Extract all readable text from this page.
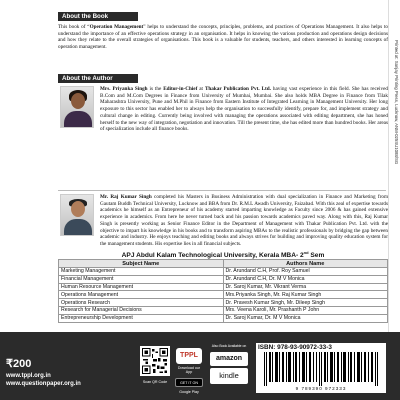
About the Book
This book of “Operation Management” helps to understand the concepts, principles, problems, and practices of Operations Management. It also helps to understand the importance of an effective operations strategy in an organisation. It helps in knowing the various production and operations design decisions and how they relate to the overall strategies of organisations. This book is a valuable for students, teachers, and others interested in learning concepts of operation management.
About the Author
Mrs. Priyanka Singh is the Editor-in-Chief at Thakar Publication Pvt. Ltd. having vast experience in this field. She has received B.Com and M.Com Degrees in Finance from University of Mumbai, Mumbai. She also holds MBA Degree in Finance from Tilak Maharashtra University, Pune and M.Phil in Finance from Eastern Institute of Integrated Learning in Management University. Her long exposure to this sector has enabled her to always help the organisation to successfully identify, prepare for, and implement strategy and cultural change in editing. Currently being involved with managing the operations associated with editing department, she has honed herself to the new way of integration, negotiation and innovation. Till the present time, she has edited more than hundred books. Her areas of specialization include all finance books.
Mr. Raj Kumar Singh completed his Masters in Business Administration with dual specialization in Finance and Marketing from Gautam Buddh Technical University, Lucknow and BBA from Dr. R.M.L Awadh University, Faizabad. With this zeal of expertise towards academics he himself as an Entrepreneur of his academy started imparting knowledge as Faculty since 2006 & has gained extensive experience in academics. From here he never turned back and his passion towards academics paved way. Along with this, Raj Kumar Singh is presently working as Senior Finance Editor in the Department of Management with Thakar Publication Pvt. Ltd. with the objective to impart his knowledge in his books and to transform aspiring MBAs to the realistic professionals by bridging the gap between academic and industry. He enjoys teaching and editing books and always strives for building and improving quality education system for the management students. His expertise lies in all financial subjects.
APJ Abdul Kalam Technological University, Kerala MBA- 2nd Sem
Subject Name	Authors Name
Marketing Management	Dr. Arundand C.H, Prof. Roy Samuel
Financial Management	Dr. Arundand C.H, Dr. M V Monica
Human Resource Management	Dr. Saroj Kumar, Mr. Vikrant Verma
Operations Management	Mrs.Priyanka Singh, Mr. Raj Kumar Singh
Operations Research	Dr. Pravesh Kumar Singh, Mr. Dileep Singh
Research for Managerial Decisions	Mrs. Veena Karoli, Mr. Prashanth P John
Entrepreneurship Development	Dr. Saroj Kumar, Dr. M V Monica
Printed at: Sanjay Printing Press, Lucknow, ANM-025SU1088/SG
₹200
www.tppl.org.in
www.questionpaper.org.in	Scan QR Code
TPPL
Download our
App
GET IT ON Google Play
Also Book Available on
amazon
kindle
ISBN: 978-93-90972-33-3
9 789390 972333
